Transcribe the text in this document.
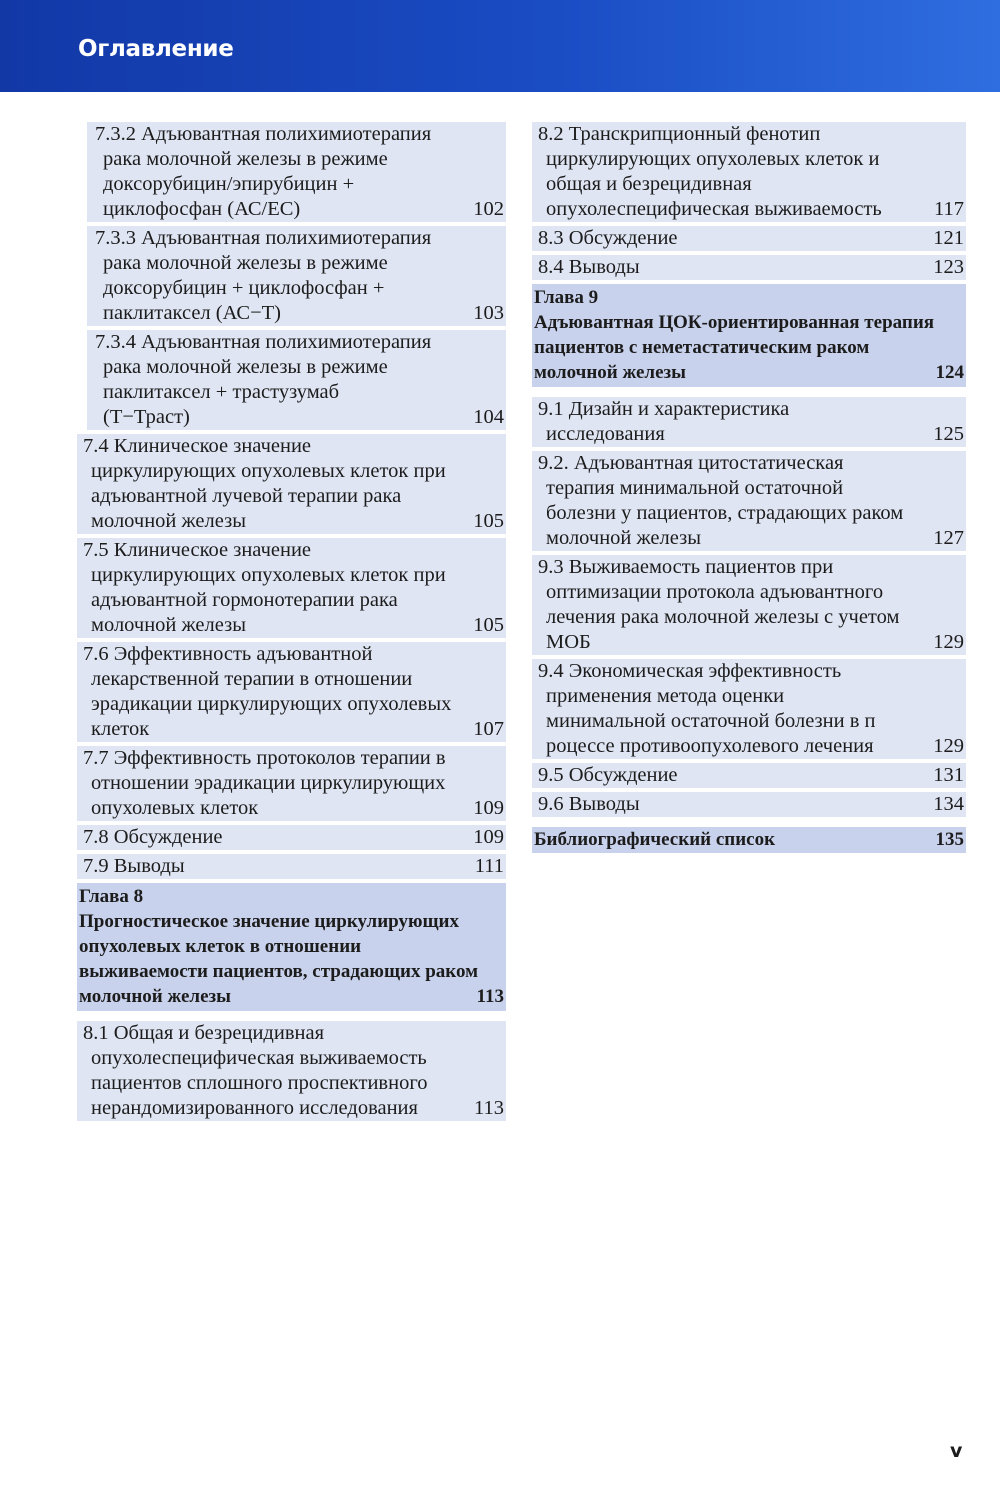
Оглавление
7.3.2 Адъювантная полихимиотерапия
рака молочной железы в режиме
доксорубицин/эпирубицин +
циклофосфан (АС/ЕС)	102
7.3.3 Адъювантная полихимиотерапия
рака молочной железы в режиме
доксорубицин + циклофосфан +
паклитаксел (АС−Т)	103
7.3.4 Адъювантная полихимиотерапия
рака молочной железы в режиме
паклитаксел + трастузумаб
(Т−Траст)	104
7.4 Клиническое значение
циркулирующих опухолевых клеток при
адъювантной лучевой терапии рака
молочной железы	105
7.5 Клиническое значение
циркулирующих опухолевых клеток при
адъювантной гормонотерапии рака
молочной железы	105
7.6 Эффективность адъювантной
лекарственной терапии в отношении
эрадикации циркулирующих опухолевых
клеток	107
7.7 Эффективность протоколов терапии в
отношении эрадикации циркулирующих
опухолевых клеток	109
7.8 Обсуждение	109
7.9 Выводы	111
Глава 8
Прогностическое значение циркулирующих
опухолевых клеток в отношении
выживаемости пациентов, страдающих раком
молочной железы	113
8.1 Общая и безрецидивная
опухолеспецифическая выживаемость
пациентов сплошного проспективного
нерандомизированного исследования	113
8.2 Транскрипционный фенотип
циркулирующих опухолевых клеток и
общая и безрецидивная
опухолеспецифическая выживаемость	117
8.3 Обсуждение	121
8.4 Выводы	123
Глава 9
Адъювантная ЦОК-ориентированная терапия
пациентов с неметастатическим раком
молочной железы	124
9.1 Дизайн и характеристика
исследования	125
9.2. Адъювантная цитостатическая
терапия минимальной остаточной
болезни у пациентов, страдающих раком
молочной железы	127
9.3 Выживаемость пациентов при
оптимизации протокола адъювантного
лечения рака молочной железы с учетом
МОБ	129
9.4 Экономическая эффективность
применения метода оценки
минимальной остаточной болезни в п
роцессе противоопухолевого лечения	129
9.5 Обсуждение	131
9.6 Выводы	134
Библиографический список	135
v
